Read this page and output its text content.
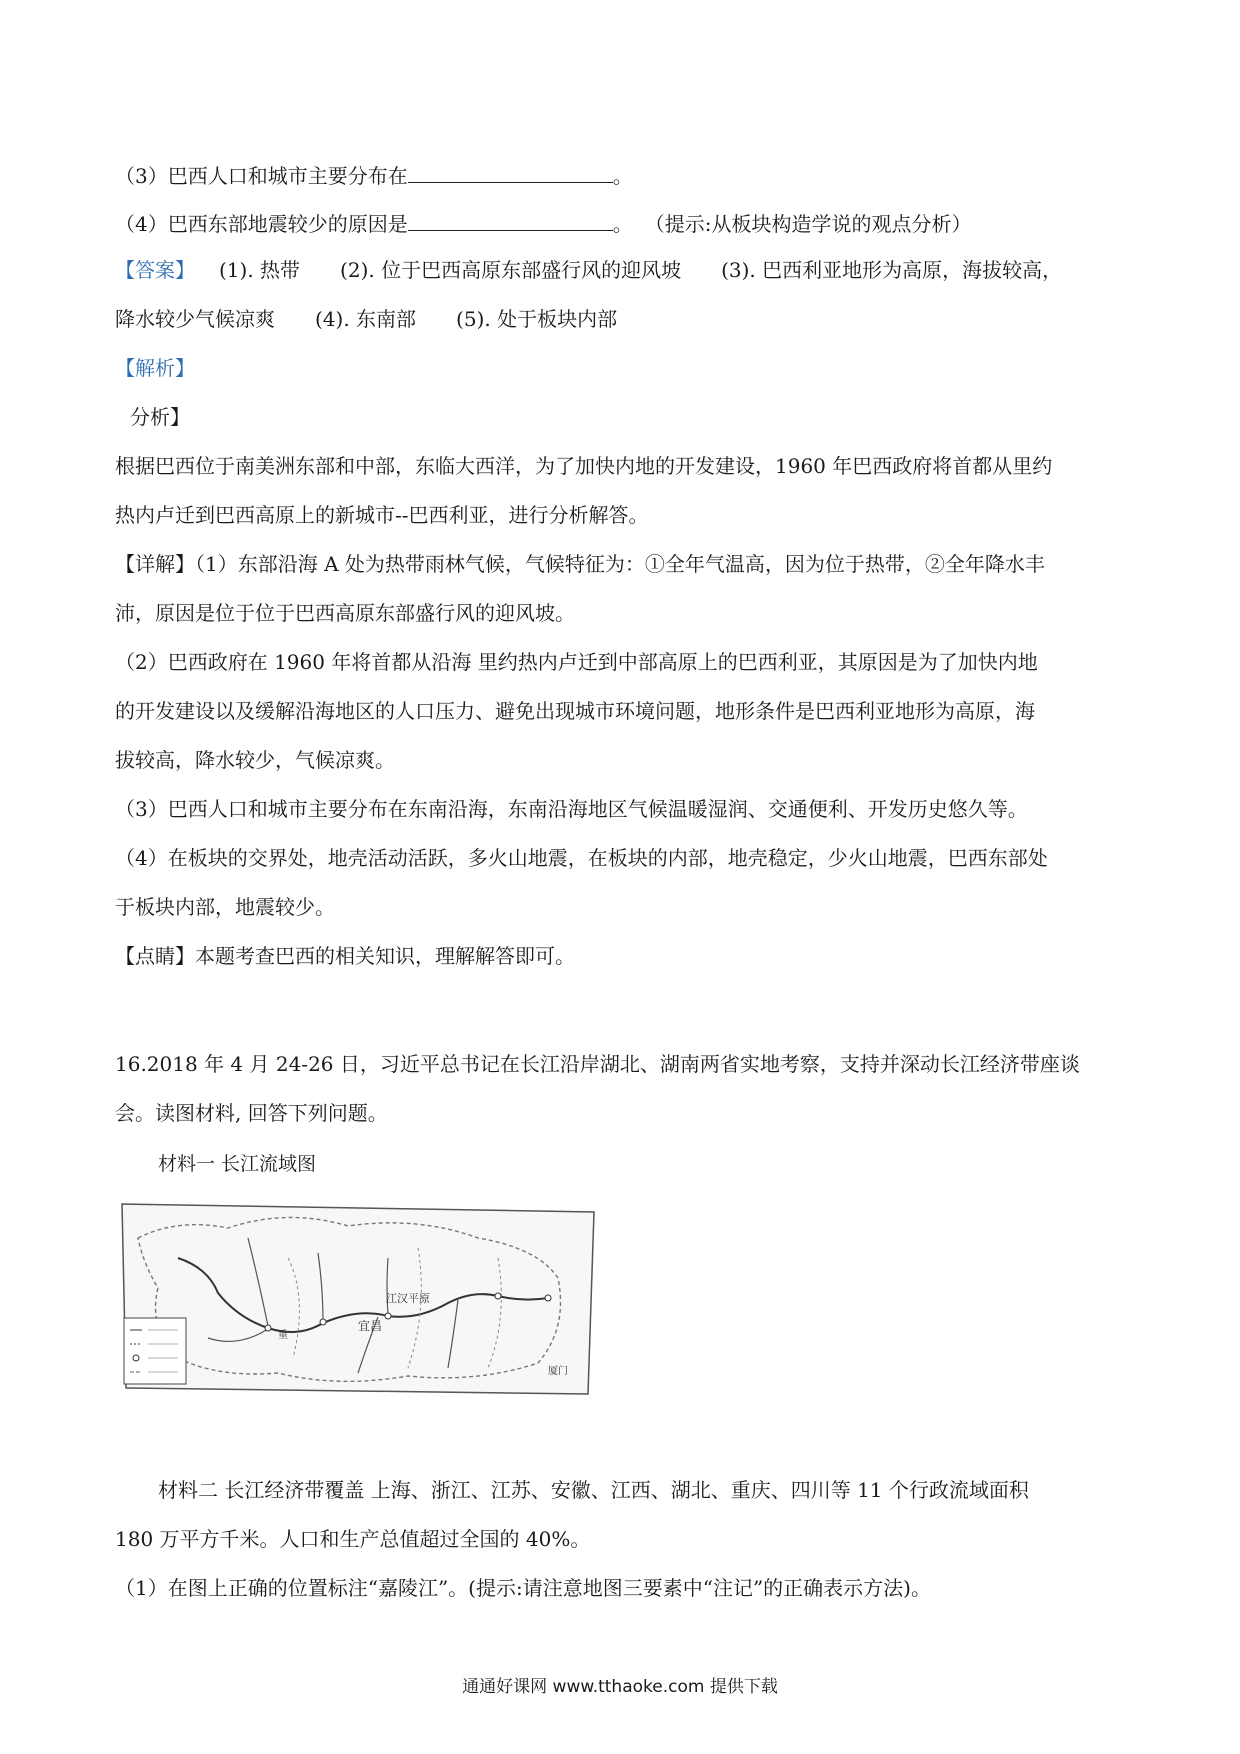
（3）巴西人口和城市主要分布在	。
（4）巴西东部地震较少的原因是	。 （提示:从板块构造学说的观点分析）
【答案】 (1). 热带 (2). 位于巴西高原东部盛行风的迎风坡 (3). 巴西利亚地形为高原，海拔较高，
降水较少气候凉爽 (4). 东南部 (5). 处于板块内部
【解析】
分析】
根据巴西位于南美洲东部和中部，东临大西洋，为了加快内地的开发建设，1960 年巴西政府将首都从里约
热内卢迁到巴西高原上的新城市--巴西利亚，进行分析解答。
【详解】（1）东部沿海 A 处为热带雨林气候，气候特征为：①全年气温高，因为位于热带，②全年降水丰
沛，原因是位于位于巴西高原东部盛行风的迎风坡。
（2）巴西政府在 1960 年将首都从沿海 里约热内卢迁到中部高原上的巴西利亚，其原因是为了加快内地
的开发建设以及缓解沿海地区的人口压力、避免出现城市环境问题，地形条件是巴西利亚地形为高原，海
拔较高，降水较少，气候凉爽。
（3）巴西人口和城市主要分布在东南沿海，东南沿海地区气候温暖湿润、交通便利、开发历史悠久等。
（4）在板块的交界处，地壳活动活跃，多火山地震，在板块的内部，地壳稳定，少火山地震，巴西东部处
于板块内部，地震较少。
【点睛】本题考查巴西的相关知识，理解解答即可。
16.2018 年 4 月 24-26 日，习近平总书记在长江沿岸湖北、湖南两省实地考察，支持并深动长江经济带座谈
会。读图材料, 回答下列问题。
材料一 长江流域图
江汉平原
宜昌
厦门
重
材料二 长江经济带覆盖 上海、浙江、江苏、安徽、江西、湖北、重庆、四川等 11 个行政流域面积
180 万平方千米。人口和生产总值超过全国的 40%。
（1）在图上正确的位置标注“嘉陵江”。(提示:请注意地图三要素中“注记”的正确表示方法)。
通通好课网 www.tthaoke.com 提供下载
